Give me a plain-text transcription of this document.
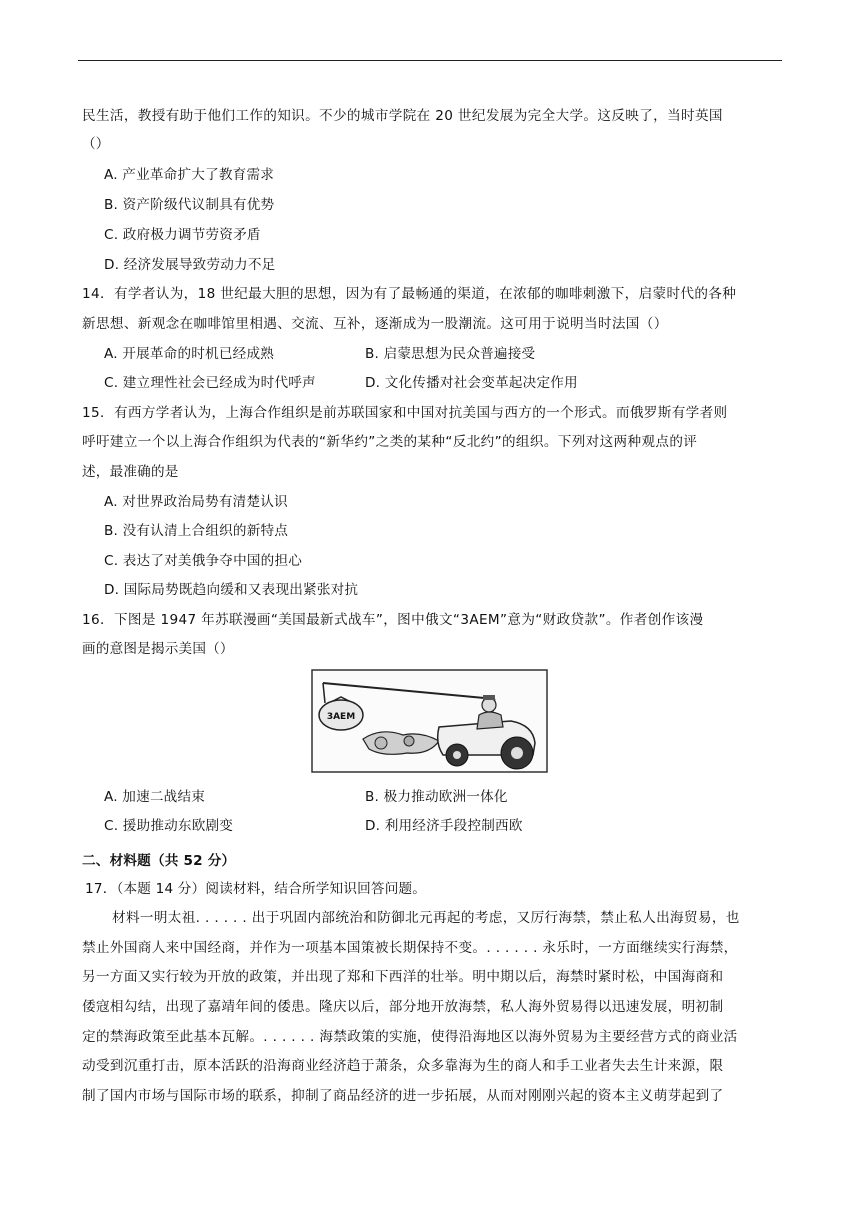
民生活，教授有助于他们工作的知识。不少的城市学院在 20 世纪发展为完全大学。这反映了，当时英国
（）
A. 产业革命扩大了教育需求
B. 资产阶级代议制具有优势
C. 政府极力调节劳资矛盾
D. 经济发展导致劳动力不足
14．有学者认为，18 世纪最大胆的思想，因为有了最畅通的渠道，在浓郁的咖啡刺激下，启蒙时代的各种
新思想、新观念在咖啡馆里相遇、交流、互补，逐渐成为一股潮流。这可用于说明当时法国（）
A. 开展革命的时机已经成熟	B. 启蒙思想为民众普遍接受
C. 建立理性社会已经成为时代呼声	D. 文化传播对社会变革起决定作用
15．有西方学者认为，上海合作组织是前苏联国家和中国对抗美国与西方的一个形式。而俄罗斯有学者则
呼吁建立一个以上海合作组织为代表的“新华约”之类的某种“反北约”的组织。下列对这两种观点的评
述，最准确的是
A. 对世界政治局势有清楚认识
B. 没有认清上合组织的新特点
C. 表达了对美俄争夺中国的担心
D. 国际局势既趋向缓和又表现出紧张对抗
16．下图是 1947 年苏联漫画“美国最新式战车”，图中俄文“3AEM”意为“财政贷款”。作者创作该漫
画的意图是揭示美国（）
3AEM
A. 加速二战结束	B. 极力推动欧洲一体化
C. 援助推动东欧剧变	D. 利用经济手段控制西欧
二、材料题（共 52 分）
17．（本题 14 分）阅读材料，结合所学知识回答问题。
材料一明太祖. . . . . . 出于巩固内部统治和防御北元再起的考虑，又厉行海禁，禁止私人出海贸易，也
禁止外国商人来中国经商，并作为一项基本国策被长期保持不变。. . . . . . 永乐时，一方面继续实行海禁，
另一方面又实行较为开放的政策，并出现了郑和下西洋的壮举。明中期以后，海禁时紧时松，中国海商和
倭寇相勾结，出现了嘉靖年间的倭患。隆庆以后，部分地开放海禁，私人海外贸易得以迅速发展，明初制
定的禁海政策至此基本瓦解。. . . . . . 海禁政策的实施，使得沿海地区以海外贸易为主要经营方式的商业活
动受到沉重打击，原本活跃的沿海商业经济趋于萧条，众多靠海为生的商人和手工业者失去生计来源，限
制了国内市场与国际市场的联系，抑制了商品经济的进一步拓展，从而对刚刚兴起的资本主义萌芽起到了
